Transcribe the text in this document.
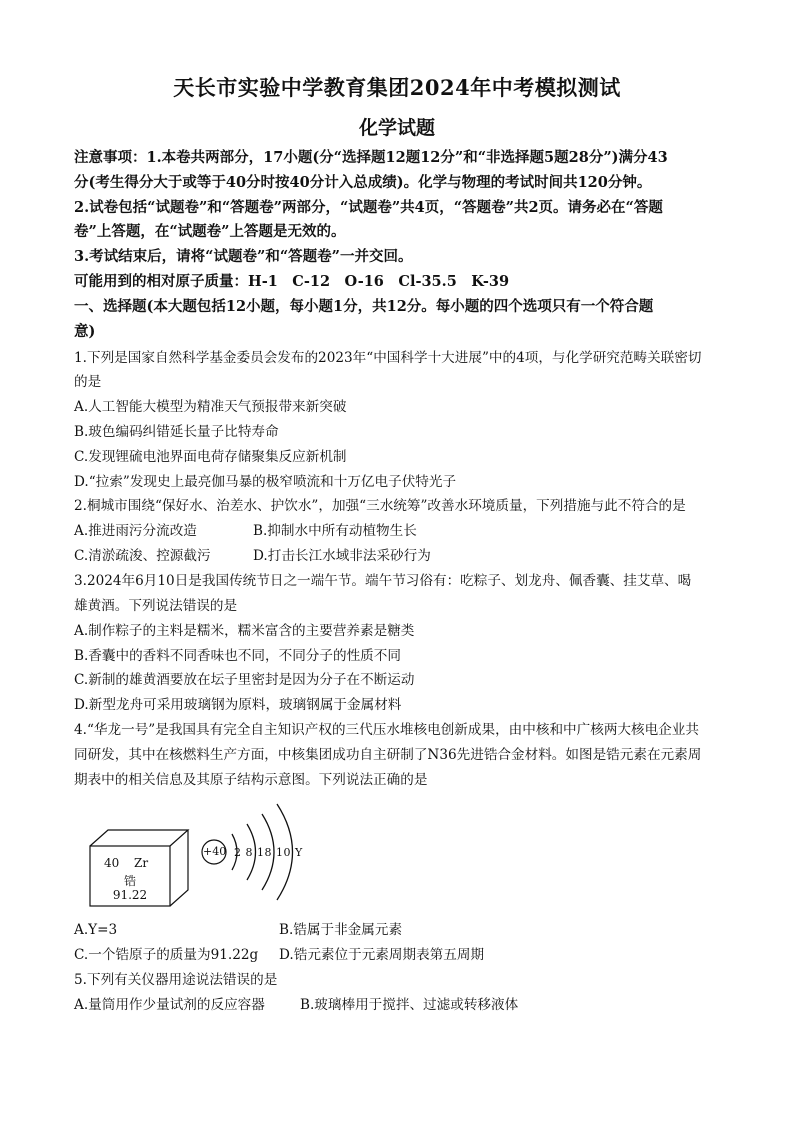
天长市实验中学教育集团2024年中考模拟测试
化学试题
注意事项：1.本卷共两部分，17小题(分“选择题12题12分”和“非选择题5题28分”)满分43
分(考生得分大于或等于40分时按40分计入总成绩)。化学与物理的考试时间共120分钟。
2.试卷包括“试题卷”和“答题卷”两部分，“试题卷”共4页，“答题卷”共2页。请务必在“答题
卷”上答题，在“试题卷”上答题是无效的。
3.考试结束后，请将“试题卷”和“答题卷”一并交回。
可能用到的相对原子质量：H-1　C-12　O-16　Cl-35.5　K-39
一、选择题(本大题包括12小题，每小题1分，共12分。每小题的四个选项只有一个符合题
意)
1.下列是国家自然科学基金委员会发布的2023年“中国科学十大进展”中的4项，与化学研究范畴关联密切
的是
A.人工智能大模型为精准天气预报带来新突破
B.玻色编码纠错延长量子比特寿命
C.发现锂硫电池界面电荷存储聚集反应新机制
D.“拉索”发现史上最亮伽马暴的极窄喷流和十万亿电子伏特光子
2.桐城市围绕“保好水、治差水、护饮水”，加强“三水统筹”改善水环境质量，下列措施与此不符合的是
A.推进雨污分流改造	B.抑制水中所有动植物生长
C.清淤疏浚、控源截污	D.打击长江水域非法采砂行为
3.2024年6月10日是我国传统节日之一端午节。端午节习俗有：吃粽子、划龙舟、佩香囊、挂艾草、喝
雄黄酒。下列说法错误的是
A.制作粽子的主料是糯米，糯米富含的主要营养素是糖类
B.香囊中的香料不同香味也不同，不同分子的性质不同
C.新制的雄黄酒要放在坛子里密封是因为分子在不断运动
D.新型龙舟可采用玻璃钢为原料，玻璃钢属于金属材料
4.“华龙一号”是我国具有完全自主知识产权的三代压水堆核电创新成果，由中核和中广核两大核电企业共
同研发，其中在核燃料生产方面，中核集团成功自主研制了N36先进锆合金材料。如图是锆元素在元素周
期表中的相关信息及其原子结构示意图。下列说法正确的是
40 Zr
锆
91.22
+40 2 8 18 10 Y
A.Y=3	B.锆属于非金属元素
C.一个锆原子的质量为91.22g D.锆元素位于元素周期表第五周期
5.下列有关仪器用途说法错误的是
A.量筒用作少量试剂的反应容器	B.玻璃棒用于搅拌、过滤或转移液体
